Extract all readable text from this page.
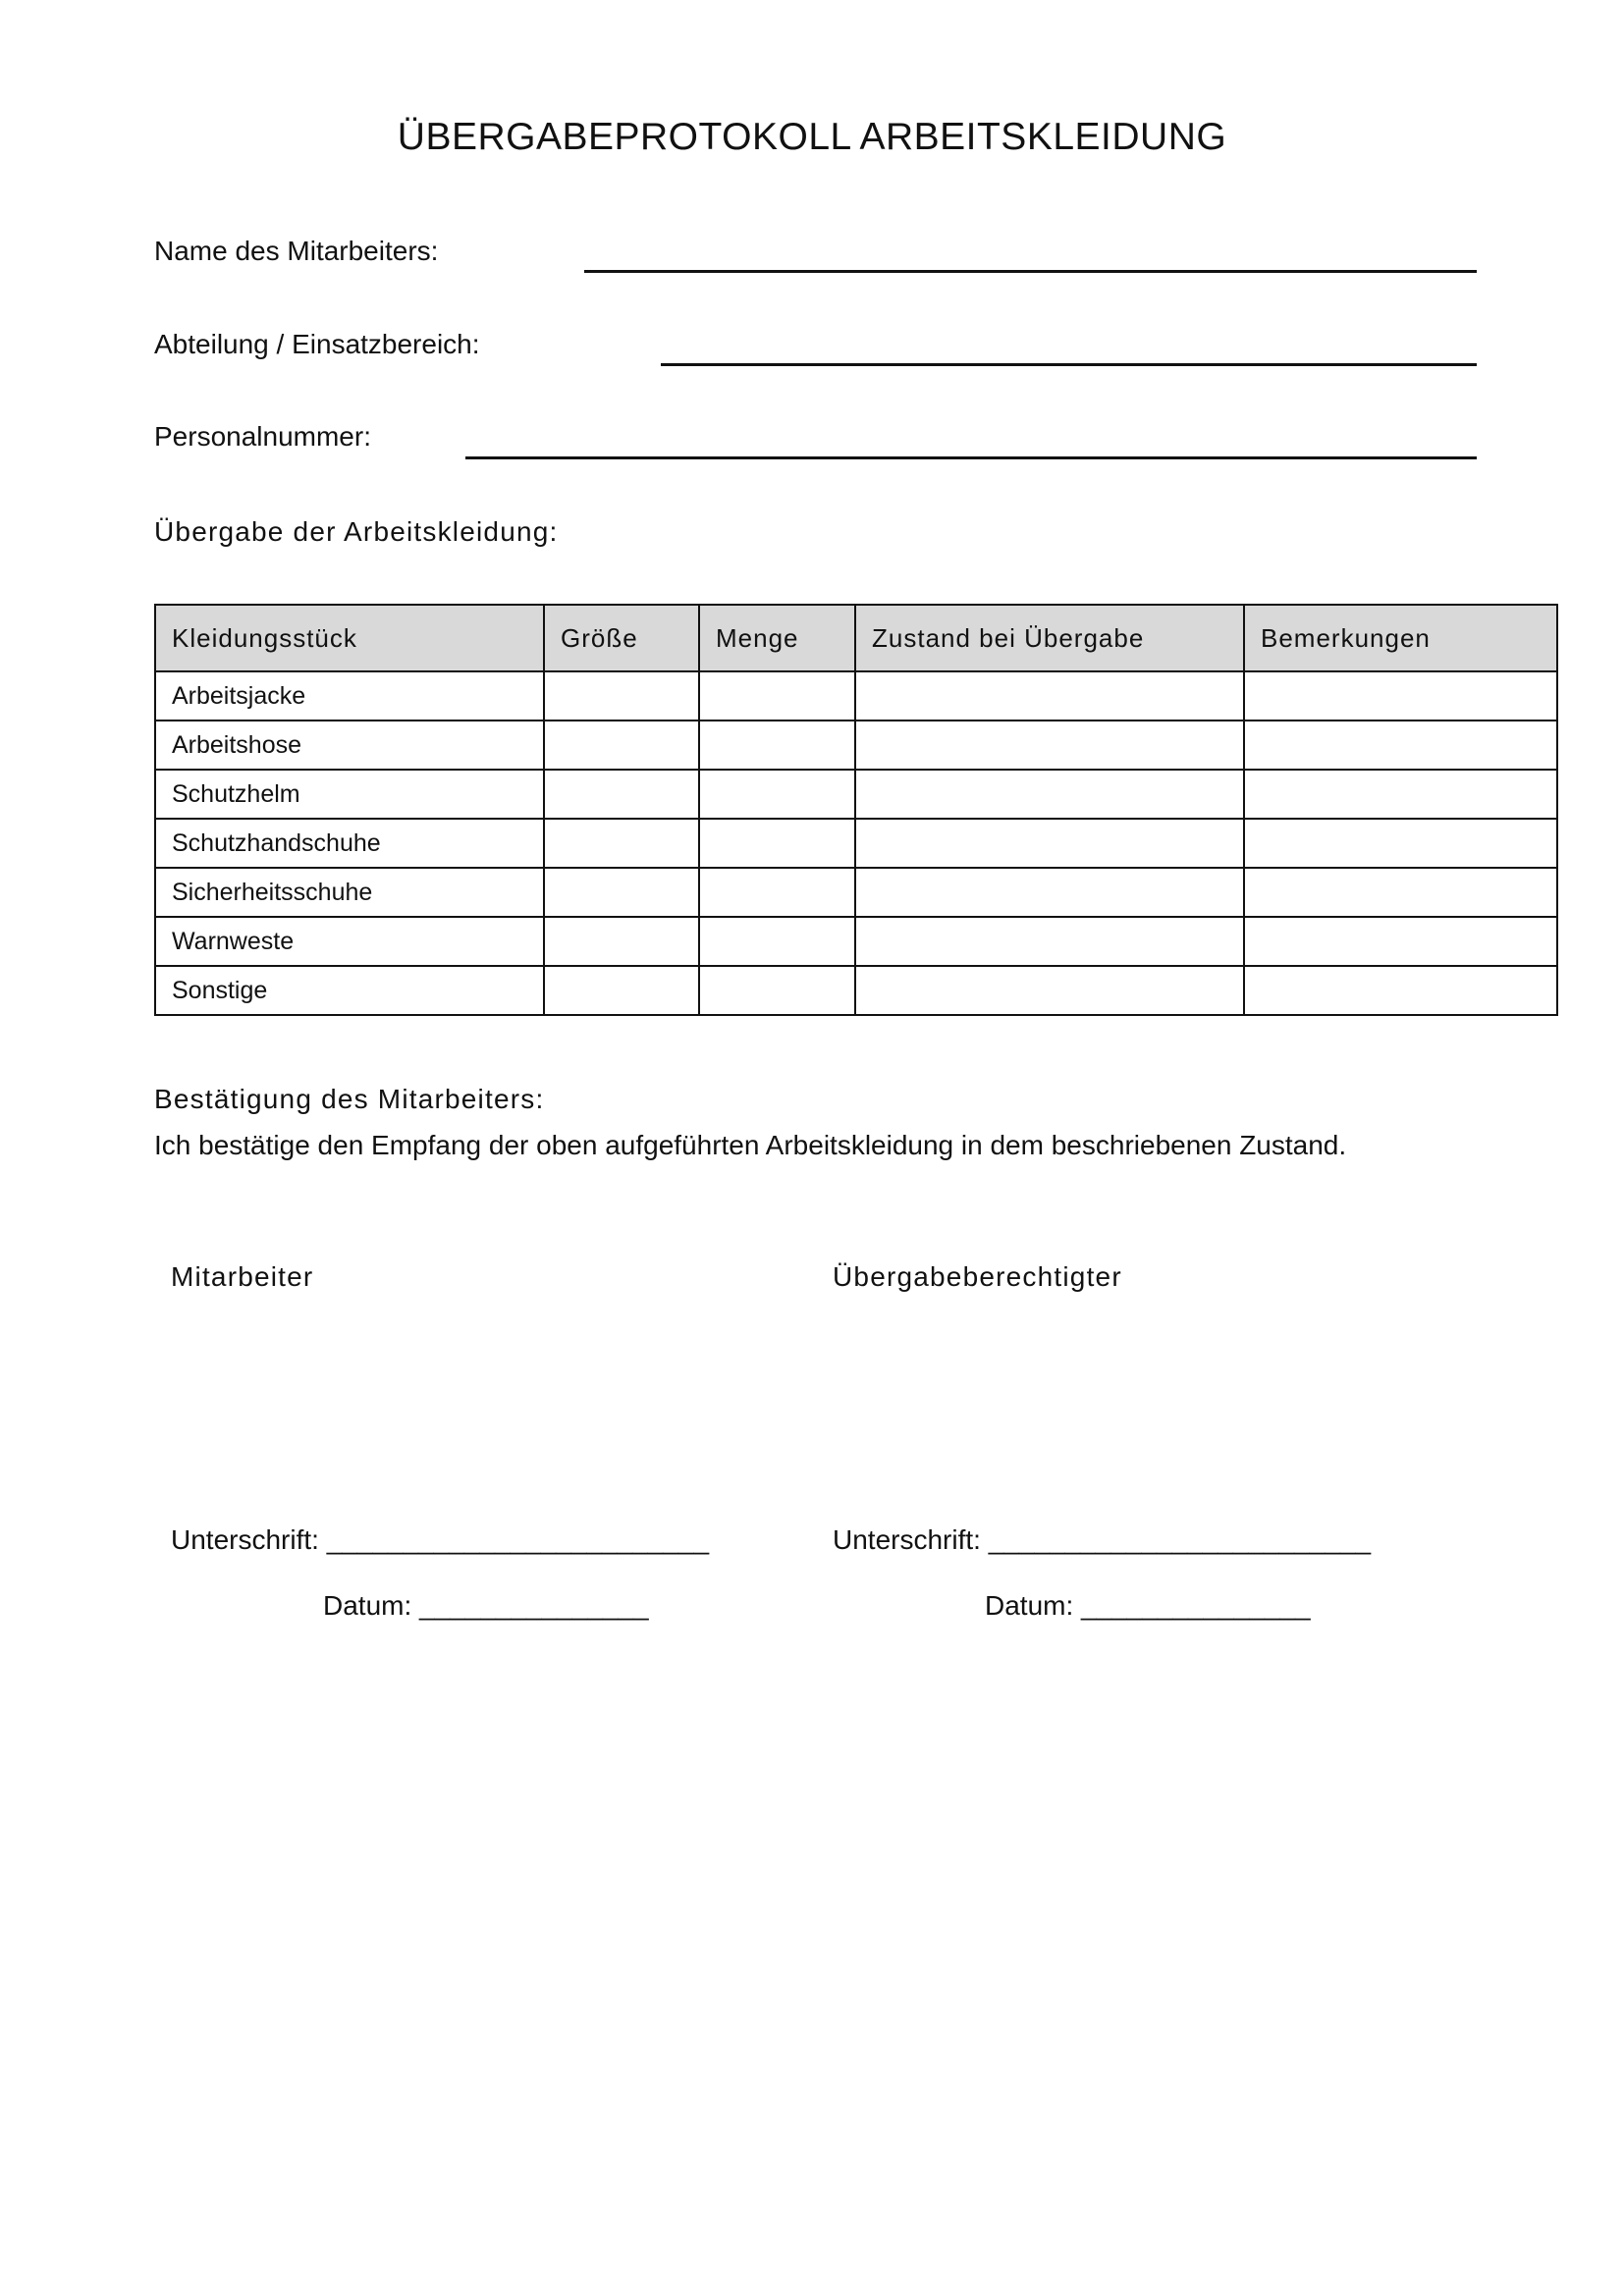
ÜBERGABEPROTOKOLL ARBEITSKLEIDUNG
Name des Mitarbeiters:
Abteilung / Einsatzbereich:
Personalnummer:
Übergabe der Arbeitskleidung:
Kleidungsstück	Größe	Menge	Zustand bei Übergabe	Bemerkungen
Arbeitsjacke				
Arbeitshose				
Schutzhelm				
Schutzhandschuhe				
Sicherheitsschuhe				
Warnweste				
Sonstige				
Bestätigung des Mitarbeiters:
Ich bestätige den Empfang der oben aufgeführten Arbeitskleidung in dem beschriebenen Zustand.
Mitarbeiter	Übergabeberechtigter
Unterschrift: _________________________	Unterschrift: _________________________
Datum: _______________	Datum: _______________
